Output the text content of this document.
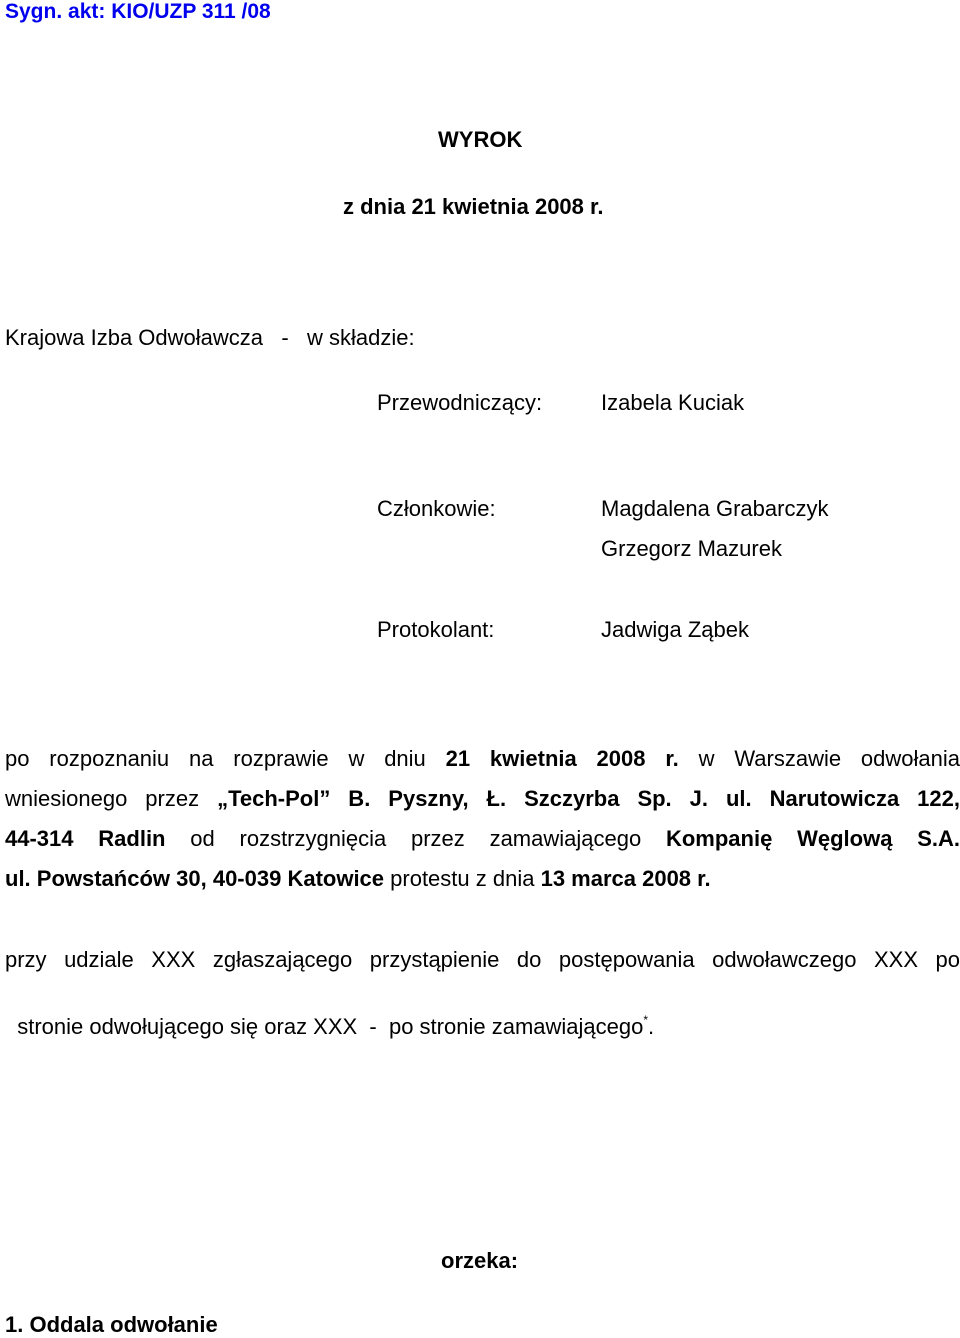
Sygn. akt: KIO/UZP 311 /08
WYROK
z dnia 21 kwietnia 2008 r.
Krajowa Izba Odwoławcza   -   w składzie:
Przewodniczący:	Izabela Kuciak
Członkowie:	Magdalena Grabarczyk
Grzegorz Mazurek
Protokolant:	Jadwiga Ząbek
po rozpoznaniu na rozprawie w dniu 21 kwietnia 2008 r. w Warszawie odwołania
wniesionego przez „Tech-Pol” B. Pyszny, Ł. Szczyrba Sp. J. ul. Narutowicza 122,
44-314 Radlin od rozstrzygnięcia przez zamawiającego Kompanię Węglową S.A.
ul. Powstańców 30, 40-039 Katowice protestu z dnia 13 marca 2008 r.
przy udziale XXX zgłaszającego przystąpienie do postępowania odwoławczego XXX po

stronie odwołującego się oraz XXX  -  po stronie zamawiającego*.

orzeka:
1. Oddala odwołanie
